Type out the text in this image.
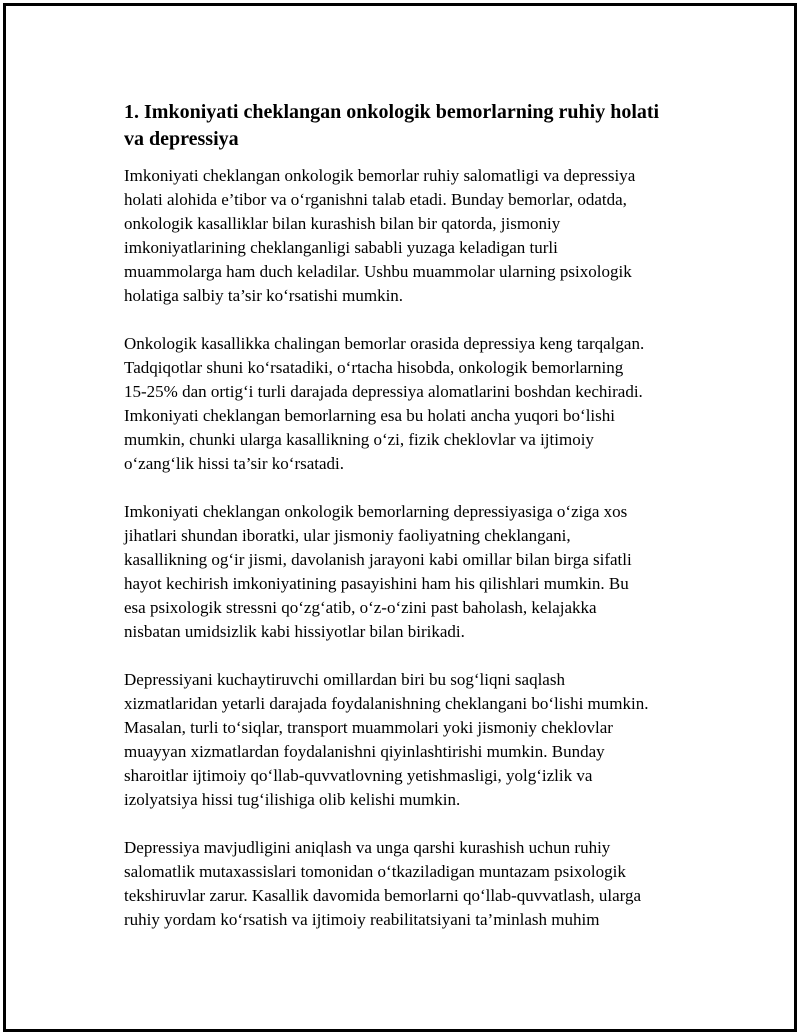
1. Imkoniyati cheklangan onkologik bemorlarning ruhiy holati
va depressiya

Imkoniyati cheklangan onkologik bemorlar ruhiy salomatligi va depressiya
holati alohida e’tibor va o‘rganishni talab etadi. Bunday bemorlar, odatda,
onkologik kasalliklar bilan kurashish bilan bir qatorda, jismoniy
imkoniyatlarining cheklanganligi sababli yuzaga keladigan turli
muammolarga ham duch keladilar. Ushbu muammolar ularning psixologik
holatiga salbiy ta’sir ko‘rsatishi mumkin.

Onkologik kasallikka chalingan bemorlar orasida depressiya keng tarqalgan.
Tadqiqotlar shuni ko‘rsatadiki, o‘rtacha hisobda, onkologik bemorlarning
15-25% dan ortig‘i turli darajada depressiya alomatlarini boshdan kechiradi.
Imkoniyati cheklangan bemorlarning esa bu holati ancha yuqori bo‘lishi
mumkin, chunki ularga kasallikning o‘zi, fizik cheklovlar va ijtimoiy
o‘zang‘lik hissi ta’sir ko‘rsatadi.

Imkoniyati cheklangan onkologik bemorlarning depressiyasiga o‘ziga xos
jihatlari shundan iboratki, ular jismoniy faoliyatning cheklangani,
kasallikning og‘ir jismi, davolanish jarayoni kabi omillar bilan birga sifatli
hayot kechirish imkoniyatining pasayishini ham his qilishlari mumkin. Bu
esa psixologik stressni qo‘zg‘atib, o‘z-o‘zini past baholash, kelajakka
nisbatan umidsizlik kabi hissiyotlar bilan birikadi.

Depressiyani kuchaytiruvchi omillardan biri bu sog‘liqni saqlash
xizmatlaridan yetarli darajada foydalanishning cheklangani bo‘lishi mumkin.
Masalan, turli to‘siqlar, transport muammolari yoki jismoniy cheklovlar
muayyan xizmatlardan foydalanishni qiyinlashtirishi mumkin. Bunday
sharoitlar ijtimoiy qo‘llab-quvvatlovning yetishmasligi, yolg‘izlik va
izolyatsiya hissi tug‘ilishiga olib kelishi mumkin.

Depressiya mavjudligini aniqlash va unga qarshi kurashish uchun ruhiy
salomatlik mutaxassislari tomonidan o‘tkaziladigan muntazam psixologik
tekshiruvlar zarur. Kasallik davomida bemorlarni qo‘llab-quvvatlash, ularga
ruhiy yordam ko‘rsatish va ijtimoiy reabilitatsiyani ta’minlash muhim
